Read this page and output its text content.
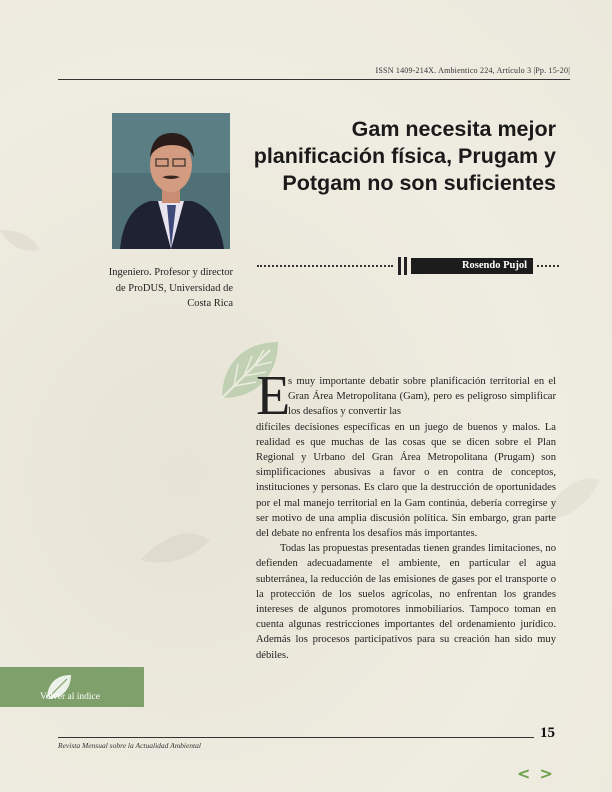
ISSN 1409-214X. Ambientico 224, Artículo 3 |Pp. 15-20|
Ingeniero. Profesor y director de ProDUS, Universidad de Costa Rica
Gam necesita mejor planificación física, Prugam y Potgam no son suficientes
Rosendo Pujol
E

s muy importante debatir sobre planificación territorial en el Gran Área Metropolitana (Gam), pero es peligroso simplificar los desafíos y convertir las
difíciles decisiones específicas en un juego de buenos y malos. La realidad es que muchas de las cosas que se dicen sobre el Plan Regional y Urbano del Gran Área Metropolitana (Prugam) son simplificaciones abusivas a favor o en contra de conceptos, instituciones y personas. Es claro que la destrucción de oportunidades por el mal manejo territorial en la Gam continúa, debería corregirse y ser motivo de una amplia discusión política. Sin embargo, gran parte del debate no enfrenta los desafíos más importantes.

Todas las propuestas presentadas tienen grandes limitaciones, no defienden adecuadamente el ambiente, en particular el agua subterránea, la reducción de las emisiones de gases por el transporte o la protección de los suelos agrícolas, no enfrentan los grandes intereses de algunos promotores inmobiliarios. Tampoco toman en cuenta algunas restricciones importantes del ordenamiento jurídico. Además los procesos participativos para su creación han sido muy débiles.

Volver al índice
15
Revista Mensual sobre la Actualidad Ambiental
< >
